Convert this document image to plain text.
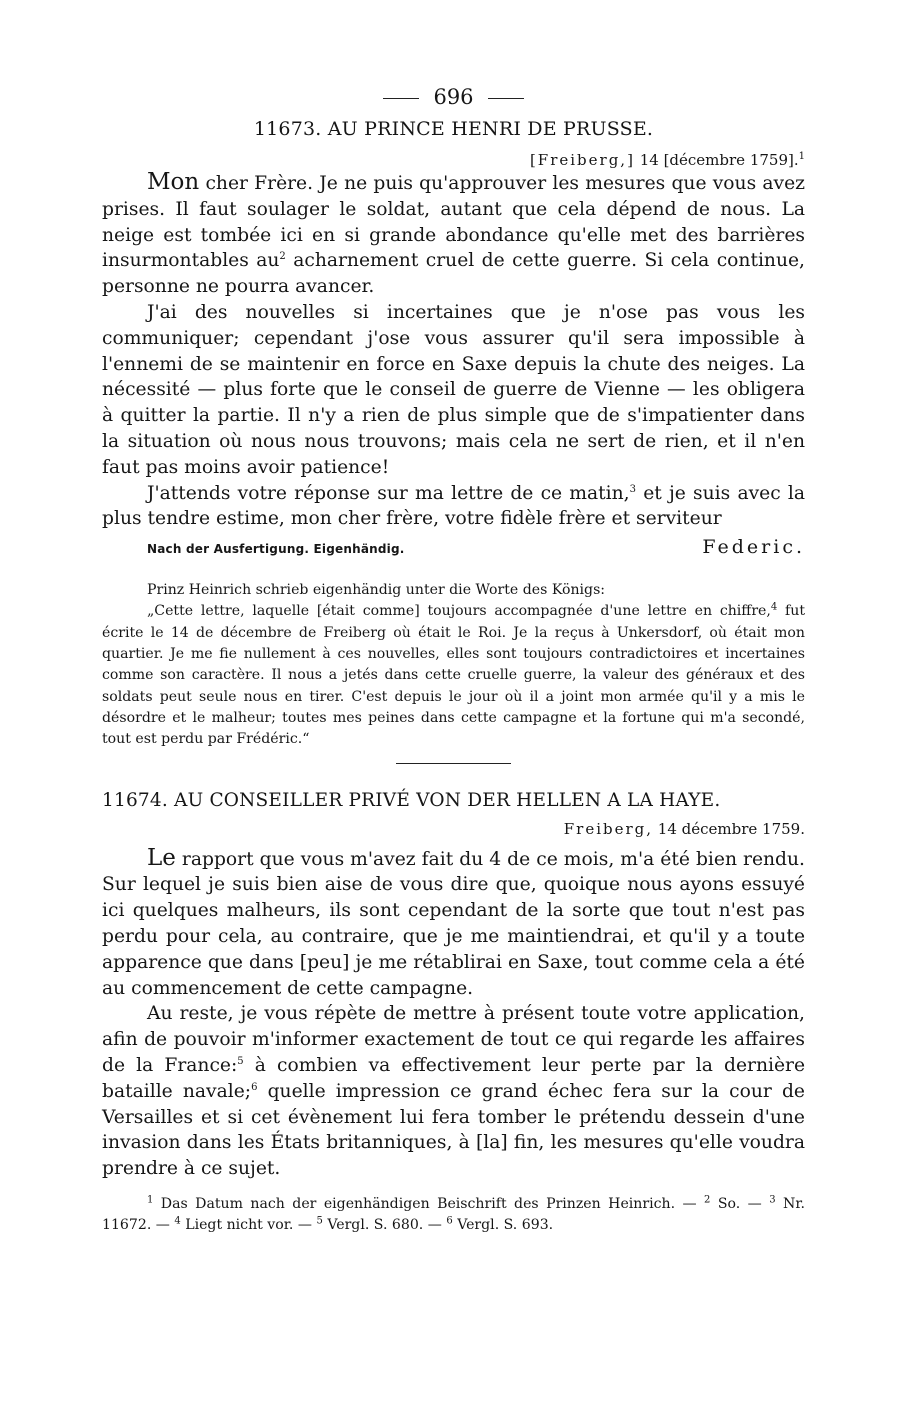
696
11673. AU PRINCE HENRI DE PRUSSE.
[Freiberg,] 14 [décembre 1759].$^1$

Mon cher Frère. Je ne puis qu'approuver les mesures que vous avez prises. Il faut soulager le soldat, autant que cela dépend de nous. La neige est tombée ici en si grande abondance qu'elle met des barrières insurmontables $au^2$ acharnement cruel de cette guerre. Si cela continue, personne ne pourra avancer.

J'ai des nouvelles si incertaines que je n'ose pas vous les communiquer; cependant j'ose vous assurer qu'il sera impossible à l'ennemi de se maintenir en force en Saxe depuis la chute des neiges. La nécessité — plus forte que le conseil de guerre de Vienne — les obligera à quitter la partie. Il n'y a rien de plus simple que de s'impatienter dans la situation où nous nous trouvons; mais cela ne sert de rien, et il n'en faut pas moins avoir patience!

J'attends votre réponse sur ma lettre de ce matin,$^3$ et je suis avec la plus tendre estime, mon cher frère, votre fidèle frère et serviteur

Nach der Ausfertigung. Eigenhändig.	Federic.

Prinz Heinrich schrieb eigenhändig unter die Worte des Königs:

„Cette lettre, laquelle [était comme] toujours accompagnée d'une lettre en chiffre,$^4$ fut écrite le 14 de décembre de Freiberg où était le Roi. Je la reçus à Unkersdorf, où était mon quartier. Je me fie nullement à ces nouvelles, elles sont toujours contradictoires et incertaines comme son caractère. Il nous a jetés dans cette cruelle guerre, la valeur des généraux et des soldats peut seule nous en tirer. C'est depuis le jour où il a joint mon armée qu'il y a mis le désordre et le malheur; toutes mes peines dans cette campagne et la fortune qui m'a secondé, tout est perdu par Frédéric.“

11674. AU CONSEILLER PRIVÉ VON DER HELLEN A LA HAYE.
Freiberg, 14 décembre 1759.

Le rapport que vous m'avez fait du 4 de ce mois, m'a été bien rendu. Sur lequel je suis bien aise de vous dire que, quoique nous ayons essuyé ici quelques malheurs, ils sont cependant de la sorte que tout n'est pas perdu pour cela, au contraire, que je me maintiendrai, et qu'il y a toute apparence que dans [peu] je me rétablirai en Saxe, tout comme cela a été au commencement de cette campagne.

Au reste, je vous répète de mettre à présent toute votre application, afin de pouvoir m'informer exactement de tout ce qui regarde les affaires de la France:$^5$ à combien va effectivement leur perte par la dernière bataille navale;$^6$ quelle impression ce grand échec fera sur la cour de Versailles et si cet évènement lui fera tomber le prétendu dessein d'une invasion dans les États britanniques, à [la] fin, les mesures qu'elle voudra prendre à ce sujet.

$^1$ Das Datum nach der eigenhändigen Beischrift des Prinzen Heinrich. — $^2$ So. — $^3$ Nr. 11672. — $^4$ Liegt nicht vor. — $^5$ Vergl. S. 680. — $^6$ Vergl. S. 693.
